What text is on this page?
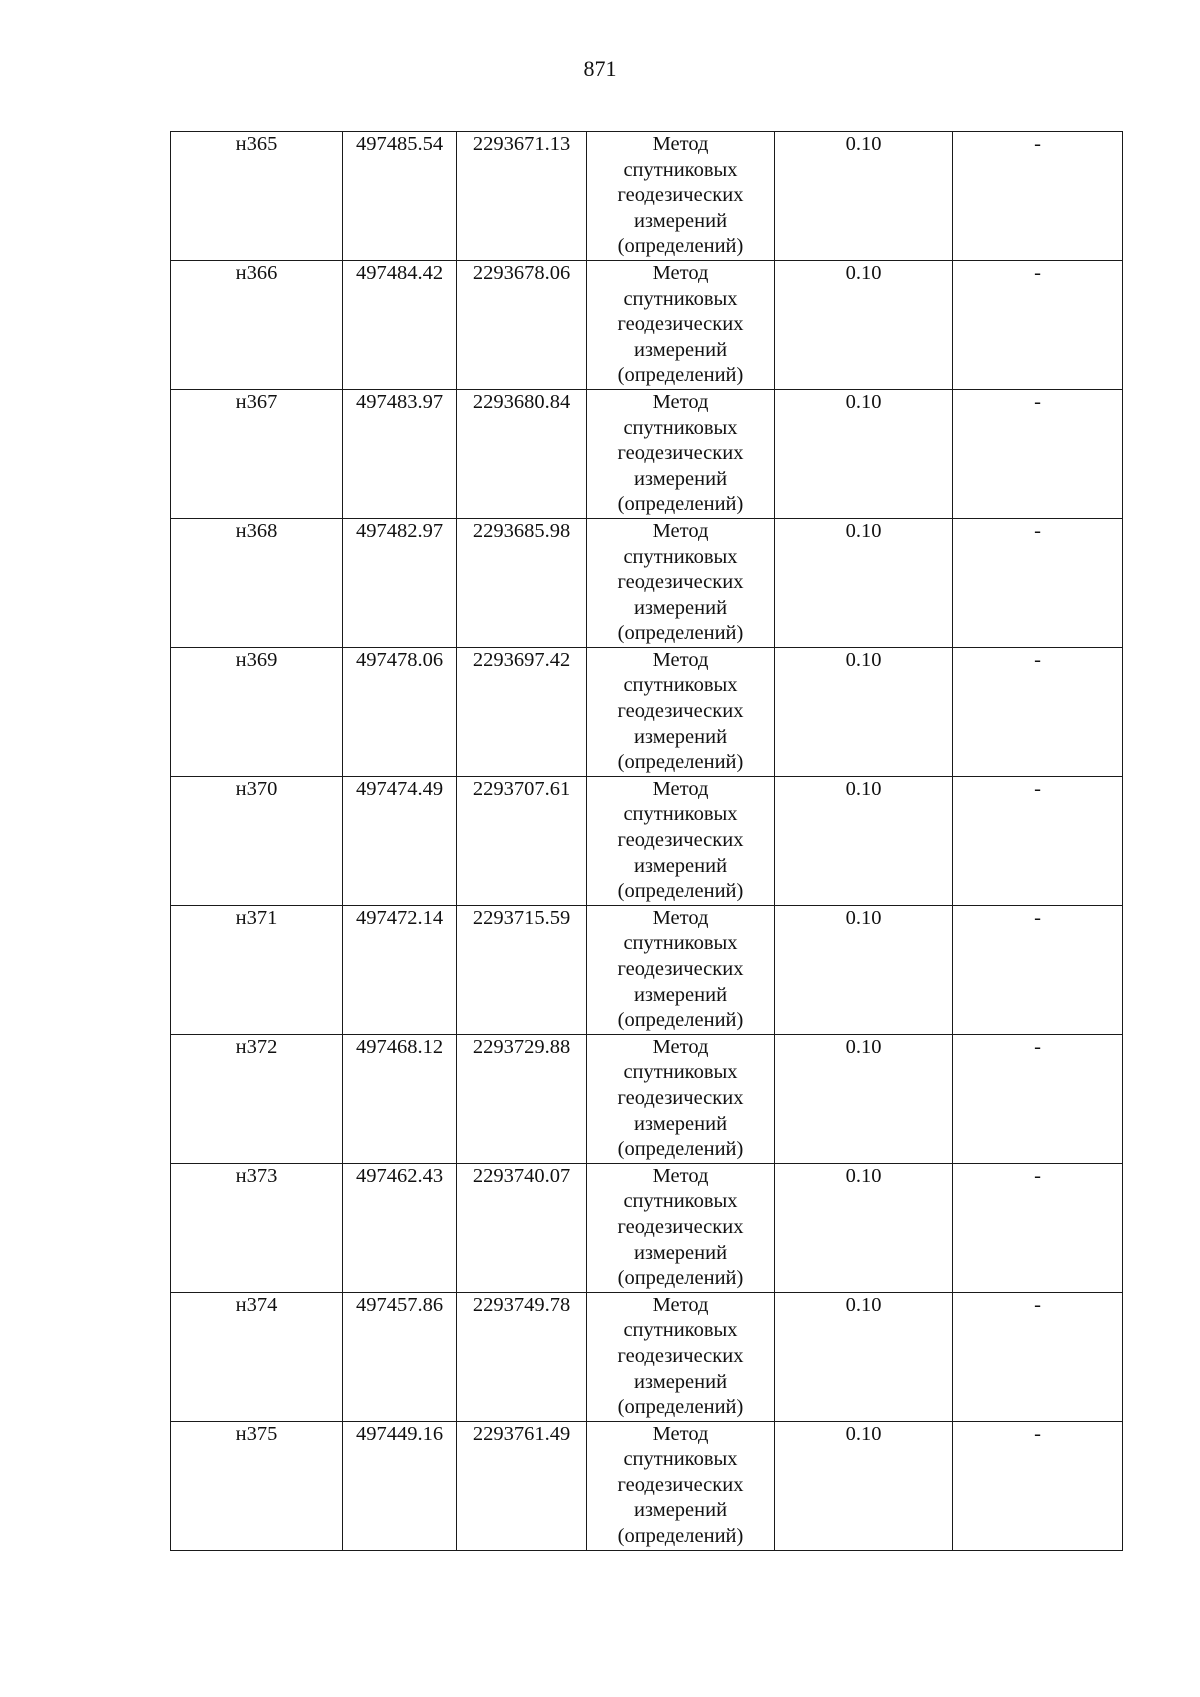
871
н365	497485.54	2293671.13	Метод
спутниковых
геодезических
измерений
(определений)	0.10	-
н366	497484.42	2293678.06	Метод
спутниковых
геодезических
измерений
(определений)	0.10	-
н367	497483.97	2293680.84	Метод
спутниковых
геодезических
измерений
(определений)	0.10	-
н368	497482.97	2293685.98	Метод
спутниковых
геодезических
измерений
(определений)	0.10	-
н369	497478.06	2293697.42	Метод
спутниковых
геодезических
измерений
(определений)	0.10	-
н370	497474.49	2293707.61	Метод
спутниковых
геодезических
измерений
(определений)	0.10	-
н371	497472.14	2293715.59	Метод
спутниковых
геодезических
измерений
(определений)	0.10	-
н372	497468.12	2293729.88	Метод
спутниковых
геодезических
измерений
(определений)	0.10	-
н373	497462.43	2293740.07	Метод
спутниковых
геодезических
измерений
(определений)	0.10	-
н374	497457.86	2293749.78	Метод
спутниковых
геодезических
измерений
(определений)	0.10	-
н375	497449.16	2293761.49	Метод
спутниковых
геодезических
измерений
(определений)	0.10	-
